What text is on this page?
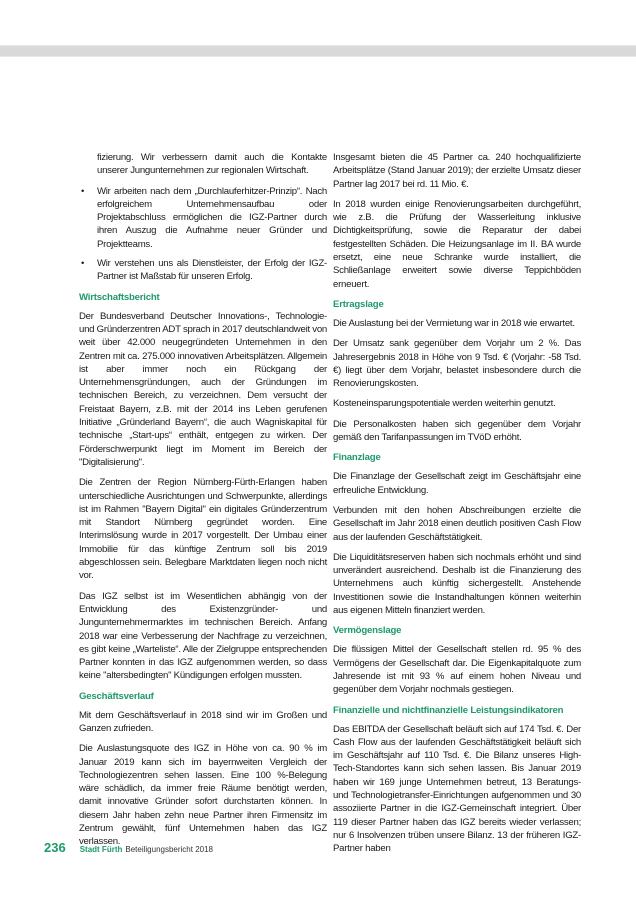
fizierung. Wir verbessern damit auch die Kontakte unserer Jungunternehmen zur regionalen Wirtschaft.

• Wir arbeiten nach dem „Durchlauferhitzer-Prinzip“. Nach erfolgreichem Unternehmensaufbau oder Projektabschluss ermöglichen die IGZ-Partner durch ihren Auszug die Aufnahme neuer Gründer und Projektteams.
• Wir verstehen uns als Dienstleister, der Erfolg der IGZ-Partner ist Maßstab für unseren Erfolg.
Wirtschaftsbericht

Der Bundesverband Deutscher Innovations-, Technologie- und Gründerzentren ADT sprach in 2017 deutschlandweit von weit über 42.000 neugegründeten Unternehmen in den Zentren mit ca. 275.000 innovativen Arbeitsplätzen. Allgemein ist aber immer noch ein Rückgang der Unternehmensgründungen, auch der Gründungen im technischen Bereich, zu verzeichnen. Dem versucht der Freistaat Bayern, z.B. mit der 2014 ins Leben gerufenen Initiative „Gründerland Bayern“, die auch Wagniskapital für technische „Start-ups“ enthält, entgegen zu wirken. Der Förderschwerpunkt liegt im Moment im Bereich der "Digitalisierung".

Die Zentren der Region Nürnberg-Fürth-Erlangen haben unterschiedliche Ausrichtungen und Schwerpunkte, allerdings ist im Rahmen "Bayern Digital" ein digitales Gründerzentrum mit Standort Nürnberg gegründet worden. Eine Interimslösung wurde in 2017 vorgestellt. Der Umbau einer Immobilie für das künftige Zentrum soll bis 2019 abgeschlossen sein. Belegbare Marktdaten liegen noch nicht vor.

Das IGZ selbst ist im Wesentlichen abhängig von der Entwicklung des Existenzgründer- und Jungunternehmermarktes im technischen Bereich. Anfang 2018 war eine Verbesserung der Nachfrage zu verzeichnen, es gibt keine „Warteliste“. Alle der Zielgruppe entsprechenden Partner konnten in das IGZ aufgenommen werden, so dass keine "altersbedingten" Kündigungen erfolgen mussten.

Geschäftsverlauf

Mit dem Geschäftsverlauf in 2018 sind wir im Großen und Ganzen zufrieden.

Die Auslastungsquote des IGZ in Höhe von ca. 90 % im Januar 2019 kann sich im bayernweiten Vergleich der Technologiezentren sehen lassen. Eine 100 %-Belegung wäre schädlich, da immer freie Räume benötigt werden, damit innovative Gründer sofort durchstarten können. In diesem Jahr haben zehn neue Partner ihren Firmensitz im Zentrum gewählt, fünf Unternehmen haben das IGZ verlassen.

Insgesamt bieten die 45 Partner ca. 240 hochqualifizierte Arbeitsplätze (Stand Januar 2019); der erzielte Umsatz dieser Partner lag 2017 bei rd. 11 Mio. €.

In 2018 wurden einige Renovierungsarbeiten durchgeführt, wie z.B. die Prüfung der Wasserleitung inklusive Dichtigkeitsprüfung, sowie die Reparatur der dabei festgestellten Schäden. Die Heizungsanlage im II. BA wurde ersetzt, eine neue Schranke wurde installiert, die Schließanlage erweitert sowie diverse Teppichböden erneuert.

Ertragslage

Die Auslastung bei der Vermietung war in 2018 wie erwartet.

Der Umsatz sank gegenüber dem Vorjahr um 2 %. Das Jahresergebnis 2018 in Höhe von 9 Tsd. € (Vorjahr: -58 Tsd. €) liegt über dem Vorjahr, belastet insbesondere durch die Renovierungskosten.

Kosteneinsparungspotentiale werden weiterhin genutzt.

Die Personalkosten haben sich gegenüber dem Vorjahr gemäß den Tarifanpassungen im TVöD erhöht.

Finanzlage

Die Finanzlage der Gesellschaft zeigt im Geschäftsjahr eine erfreuliche Entwicklung.

Verbunden mit den hohen Abschreibungen erzielte die Gesellschaft im Jahr 2018 einen deutlich positiven Cash Flow aus der laufenden Geschäftstätigkeit.

Die Liquiditätsreserven haben sich nochmals erhöht und sind unverändert ausreichend. Deshalb ist die Finanzierung des Unternehmens auch künftig sichergestellt. Anstehende Investitionen sowie die Instandhaltungen können weiterhin aus eigenen Mitteln finanziert werden.

Vermögenslage

Die flüssigen Mittel der Gesellschaft stellen rd. 95 % des Vermögens der Gesellschaft dar. Die Eigenkapitalquote zum Jahresende ist mit 93 % auf einem hohen Niveau und gegenüber dem Vorjahr nochmals gestiegen.

Finanzielle und nichtfinanzielle Leistungsindikatoren

Das EBITDA der Gesellschaft beläuft sich auf 174 Tsd. €. Der Cash Flow aus der laufenden Geschäftstätigkeit beläuft sich im Geschäftsjahr auf 110 Tsd. €. Die Bilanz unseres High-Tech-Standortes kann sich sehen lassen. Bis Januar 2019 haben wir 169 junge Unternehmen betreut, 13 Beratungs- und Technologietransfer-Einrichtungen aufgenommen und 30 assoziierte Partner in die IGZ-Gemeinschaft integriert. Über 119 dieser Partner haben das IGZ bereits wieder verlassen; nur 6 Insolvenzen trüben unsere Bilanz. 13 der früheren IGZ-Partner haben

236 Stadt Fürth Beteiligungsbericht 2018
